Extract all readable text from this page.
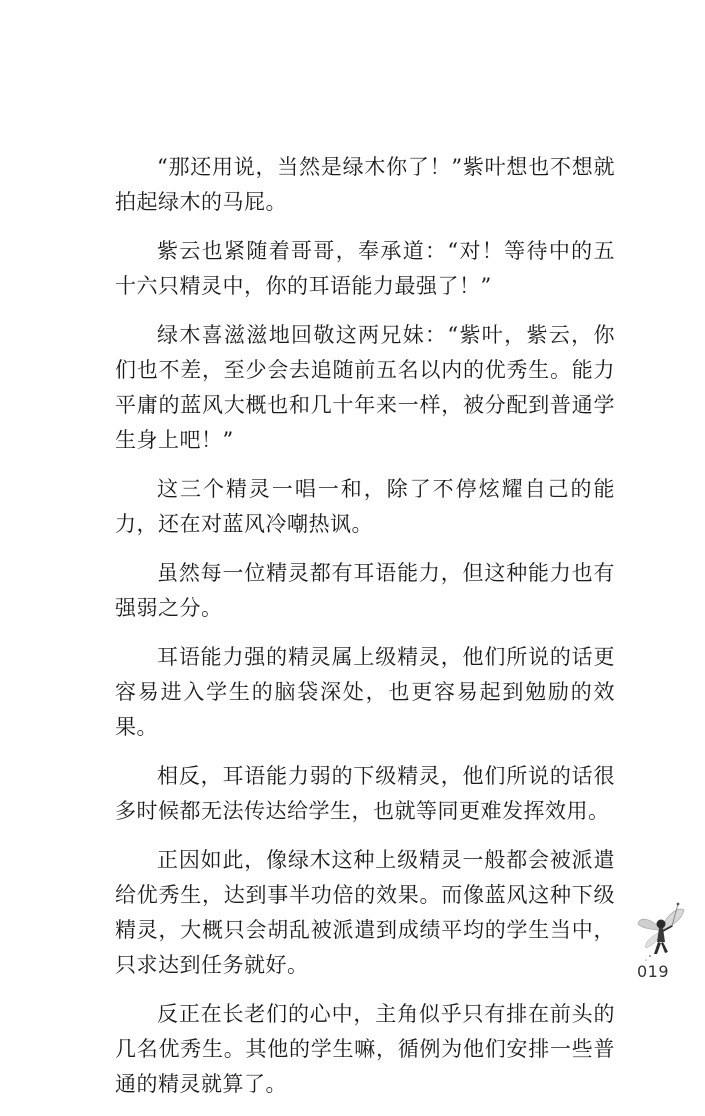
“那还用说，当然是绿木你了！”紫叶想也不想就拍起绿木的马屁。

紫云也紧随着哥哥，奉承道：“对！等待中的五十六只精灵中，你的耳语能力最强了！”

绿木喜滋滋地回敬这两兄妹：“紫叶，紫云，你们也不差，至少会去追随前五名以内的优秀生。能力平庸的蓝风大概也和几十年来一样，被分配到普通学生身上吧！”

这三个精灵一唱一和，除了不停炫耀自己的能力，还在对蓝风冷嘲热讽。

虽然每一位精灵都有耳语能力，但这种能力也有强弱之分。

耳语能力强的精灵属上级精灵，他们所说的话更容易进入学生的脑袋深处，也更容易起到勉励的效果。

相反，耳语能力弱的下级精灵，他们所说的话很多时候都无法传达给学生，也就等同更难发挥效用。

正因如此，像绿木这种上级精灵一般都会被派遣给优秀生，达到事半功倍的效果。而像蓝风这种下级精灵，大概只会胡乱被派遣到成绩平均的学生当中，只求达到任务就好。

反正在长老们的心中，主角似乎只有排在前头的几名优秀生。其他的学生嘛，循例为他们安排一些普通的精灵就算了。

019
